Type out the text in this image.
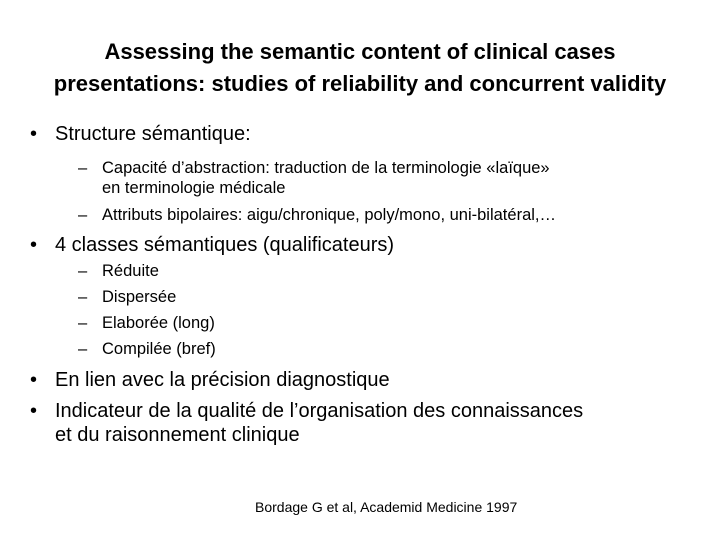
Assessing the semantic content of clinical cases
presentations: studies of reliability and concurrent validity
• Structure sémantique:
– Capacité d’abstraction: traduction de la terminologie «laïque»
en terminologie médicale
– Attributs bipolaires: aigu/chronique, poly/mono, uni-bilatéral,…
• 4 classes sémantiques (qualificateurs)
– Réduite
– Dispersée
– Elaborée (long)
– Compilée (bref)
• En lien avec la précision diagnostique
• Indicateur de la qualité de l’organisation des connaissances
et du raisonnement clinique
Bordage G et al, Academid Medicine 1997
